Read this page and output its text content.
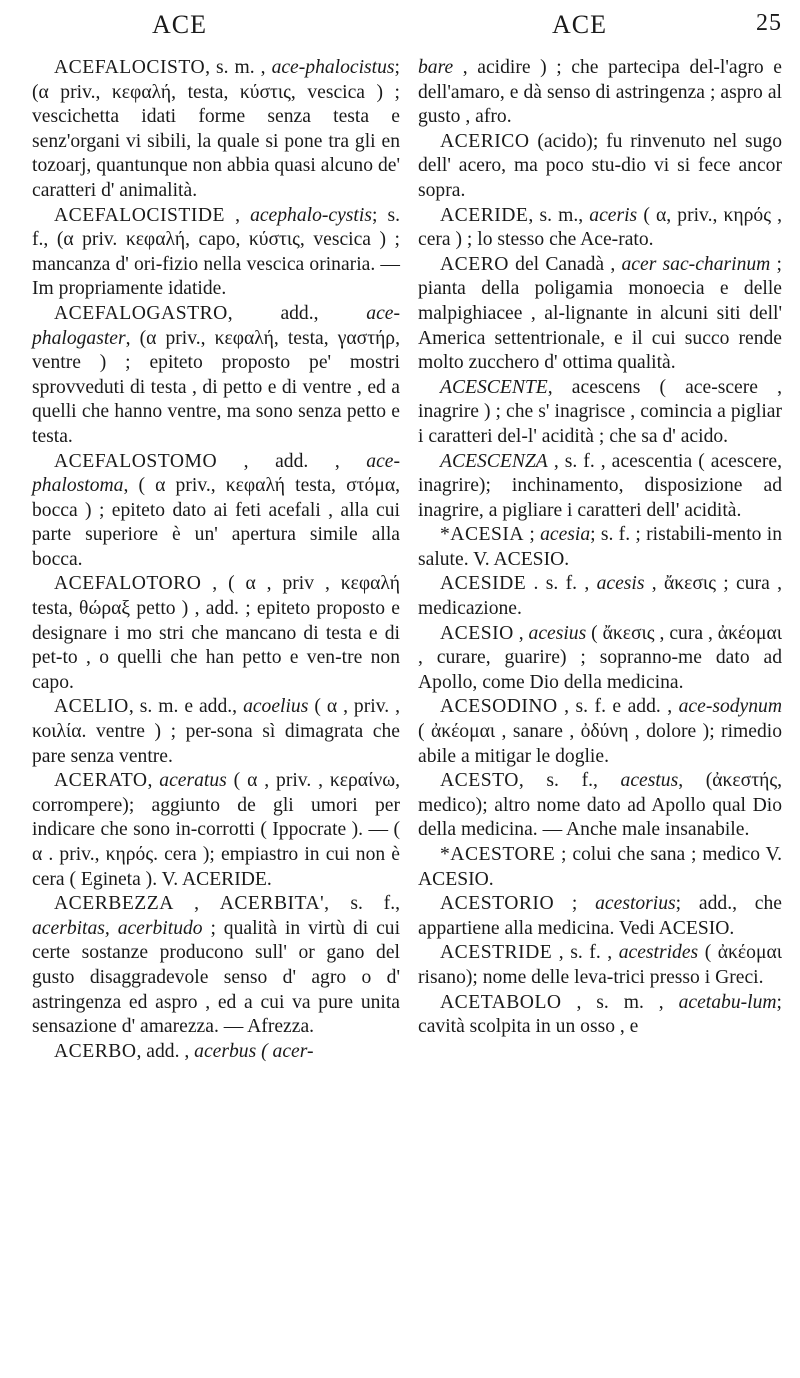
ACE	ACE	25

ACEFALOCISTO, s. m. , ace-phalocistus; (α priv., κεφαλή, testa, κύστις, vescica ) ; vescichetta idati forme senza testa e senz'organi vi sibili, la quale si pone tra gli en tozoarj, quantunque non abbia quasi alcuno de' caratteri d' animalità.

ACEFALOCISTIDE , acephalo-cystis; s. f., (α priv. κεφαλή, capo, κύστις, vescica ) ; mancanza d' ori-fizio nella vescica orinaria. — Im propriamente idatide.

ACEFALOGASTRO, add., ace-phalogaster, (α priv., κεφαλή, testa, γαστήρ, ventre ) ; epiteto proposto pe' mostri sprovveduti di testa , di petto e di ventre , ed a quelli che hanno ventre, ma sono senza petto e testa.

ACEFALOSTOMO , add. , ace-phalostoma, ( α priv., κεφαλή testa, στόμα, bocca ) ; epiteto dato ai feti acefali , alla cui parte superiore è un' apertura simile alla bocca.

ACEFALOTORO , ( α , priv , κεφαλή testa, θώραξ petto ) , add. ; epiteto proposto e designare i mo stri che mancano di testa e di pet-to , o quelli che han petto e ven-tre non capo.

ACELIO, s. m. e add., acoelius ( α , priv. , κοιλία. ventre ) ; per-sona sì dimagrata che pare senza ventre.

ACERATO, aceratus ( α , priv. , κεραίνω, corrompere); aggiunto de gli umori per indicare che sono in-corrotti ( Ippocrate ). — ( α . priv., κηρός. cera ); empiastro in cui non è cera ( Egineta ). V. ACERIDE.

ACERBEZZA , ACERBITA', s. f., acerbitas, acerbitudo ; qualità in virtù di cui certe sostanze producono sull' or gano del gusto disaggradevole senso d' agro o d' astringenza ed aspro , ed a cui va pure unita sensazione d' amarezza. — Afrezza.

ACERBO, add. , acerbus ( acer-

bare , acidire ) ; che partecipa del-l'agro e dell'amaro, e dà senso di astringenza ; aspro al gusto , afro.

ACERICO (acido); fu rinvenuto nel sugo dell' acero, ma poco stu-dio vi si fece ancor sopra.

ACERIDE, s. m., aceris ( α, priv., κηρός , cera ) ; lo stesso che Ace-rato.

ACERO del Canadà , acer sac-charinum ; pianta della poligamia monoecia e delle malpighiacee , al-lignante in alcuni siti dell' America settentrionale, e il cui succo rende molto zucchero d' ottima qualità.

ACESCENTE, acescens ( ace-scere , inagrire ) ; che s' inagrisce , comincia a pigliar i caratteri del-l' acidità ; che sa d' acido.

ACESCENZA , s. f. , acescentia ( acescere, inagrire); inchinamento, disposizione ad inagrire, a pigliare i caratteri dell' acidità.

*ACESIA ; acesia; s. f. ; ristabili-mento in salute. V. ACESIO.

ACESIDE . s. f. , acesis , ἄκεσις ; cura , medicazione.

ACESIO , acesius ( ἄκεσις , cura , ἀκέομαι , curare, guarire) ; soprannо-me dato ad Apollo, come Dio della medicina.

ACESODINO , s. f. e add. , ace-sodynum ( ἀκέομαι , sanare , ὀδύνη , dolore ); rimedio abile a mitigar le doglie.

ACESTO, s. f., acestus, (ἀκεστής, medico); altro nome dato ad Apollo qual Dio della medicina. — Anche male insanabile.

*ACESTORE ; colui che sana ; medico V. ACESIO.

ACESTORIO ; acestorius; add., che appartiene alla medicina. Vedi ACESIO.

ACESTRIDE , s. f. , acestrides ( ἀκέομαι risano); nome delle leva-trici presso i Greci.

ACETABOLO , s. m. , acetabu-lum; cavità scolpita in un osso , e
